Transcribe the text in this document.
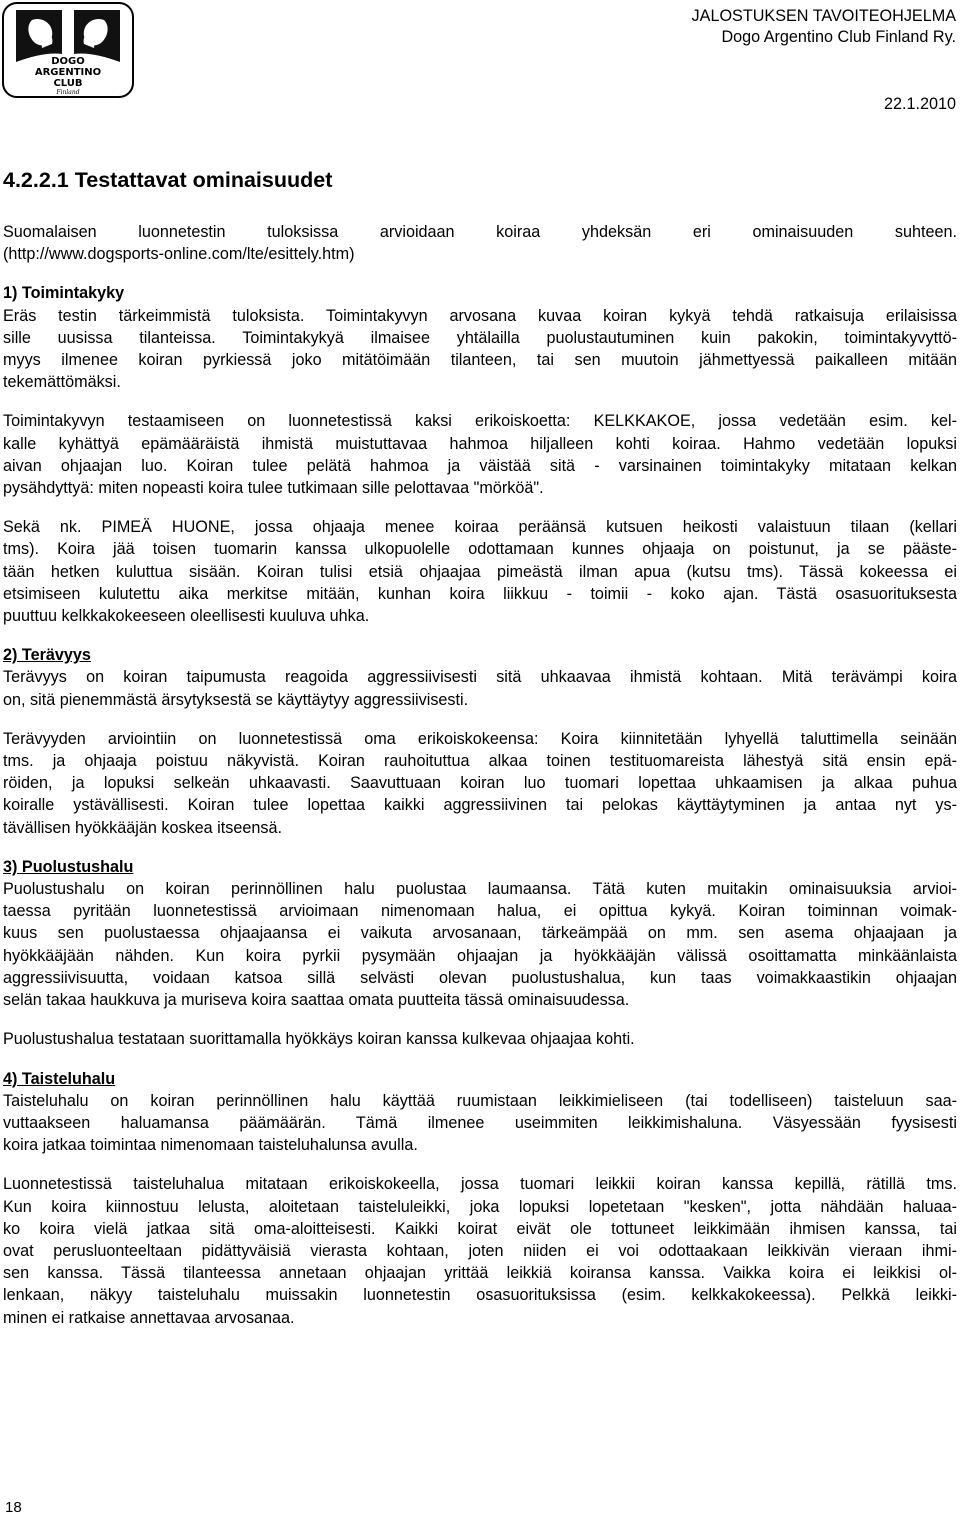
DOGO
ARGENTINO
CLUB
Finland
JALOSTUKSEN TAVOITEOHJELMA
Dogo Argentino Club Finland Ry.
22.1.2010
4.2.2.1 Testattavat ominaisuudet

Suomalaisen luonnetestin tuloksissa arvioidaan koiraa yhdeksän eri ominaisuuden suhteen.

(http://www.dogsports-online.com/lte/esittely.htm)

1) Toimintakyky

Eräs testin tärkeimmistä tuloksista. Toimintakyvyn arvosana kuvaa koiran kykyä tehdä ratkaisuja erilaisissa

sille uusissa tilanteissa. Toimintakykyä ilmaisee yhtälailla puolustautuminen kuin pakokin, toimintakyvyttö-

myys ilmenee koiran pyrkiessä joko mitätöimään tilanteen, tai sen muutoin jähmettyessä paikalleen mitään

tekemättömäksi.

Toimintakyvyn testaamiseen on luonnetestissä kaksi erikoiskoetta: KELKKAKOE, jossa vedetään esim. kel-

kalle kyhättyä epämääräistä ihmistä muistuttavaa hahmoa hiljalleen kohti koiraa. Hahmo vedetään lopuksi

aivan ohjaajan luo. Koiran tulee pelätä hahmoa ja väistää sitä - varsinainen toimintakyky mitataan kelkan

pysähdyttyä: miten nopeasti koira tulee tutkimaan sille pelottavaa "mörköä".

Sekä nk. PIMEÄ HUONE, jossa ohjaaja menee koiraa peräänsä kutsuen heikosti valaistuun tilaan (kellari

tms). Koira jää toisen tuomarin kanssa ulkopuolelle odottamaan kunnes ohjaaja on poistunut, ja se pääste-

tään hetken kuluttua sisään. Koiran tulisi etsiä ohjaajaa pimeästä ilman apua (kutsu tms). Tässä kokeessa ei

etsimiseen kulutettu aika merkitse mitään, kunhan koira liikkuu - toimii - koko ajan. Tästä osasuorituksesta

puuttuu kelkkakokeeseen oleellisesti kuuluva uhka.

2) Terävyys

Terävyys on koiran taipumusta reagoida aggressiivisesti sitä uhkaavaa ihmistä kohtaan. Mitä terävämpi koira

on, sitä pienemmästä ärsytyksestä se käyttäytyy aggressiivisesti.

Terävyyden arviointiin on luonnetestissä oma erikoiskokeensa: Koira kiinnitetään lyhyellä taluttimella seinään

tms. ja ohjaaja poistuu näkyvistä. Koiran rauhoituttua alkaa toinen testituomareista lähestyä sitä ensin epä-

röiden, ja lopuksi selkeän uhkaavasti. Saavuttuaan koiran luo tuomari lopettaa uhkaamisen ja alkaa puhua

koiralle ystävällisesti. Koiran tulee lopettaa kaikki aggressiivinen tai pelokas käyttäytyminen ja antaa nyt ys-

tävällisen hyökkääjän koskea itseensä.

3) Puolustushalu

Puolustushalu on koiran perinnöllinen halu puolustaa laumaansa. Tätä kuten muitakin ominaisuuksia arvioi-

taessa pyritään luonnetestissä arvioimaan nimenomaan halua, ei opittua kykyä. Koiran toiminnan voimak-

kuus sen puolustaessa ohjaajaansa ei vaikuta arvosanaan, tärkeämpää on mm. sen asema ohjaajaan ja

hyökkääjään nähden. Kun koira pyrkii pysymään ohjaajan ja hyökkääjän välissä osoittamatta minkäänlaista

aggressiivisuutta, voidaan katsoa sillä selvästi olevan puolustushalua, kun taas voimakkaastikin ohjaajan

selän takaa haukkuva ja muriseva koira saattaa omata puutteita tässä ominaisuudessa.

Puolustushalua testataan suorittamalla hyökkäys koiran kanssa kulkevaa ohjaajaa kohti.

4) Taisteluhalu

Taisteluhalu on koiran perinnöllinen halu käyttää ruumistaan leikkimieliseen (tai todelliseen) taisteluun saa-

vuttaakseen haluamansa päämäärän. Tämä ilmenee useimmiten leikkimishaluna. Väsyessään fyysisesti

koira jatkaa toimintaa nimenomaan taisteluhalunsa avulla.

Luonnetestissä taisteluhalua mitataan erikoiskokeella, jossa tuomari leikkii koiran kanssa kepillä, rätillä tms.

Kun koira kiinnostuu lelusta, aloitetaan taisteluleikki, joka lopuksi lopetetaan "kesken", jotta nähdään haluaa-

ko koira vielä jatkaa sitä oma-aloitteisesti. Kaikki koirat eivät ole tottuneet leikkimään ihmisen kanssa, tai

ovat perusluonteeltaan pidättyväisiä vierasta kohtaan, joten niiden ei voi odottaakaan leikkivän vieraan ihmi-

sen kanssa. Tässä tilanteessa annetaan ohjaajan yrittää leikkiä koiransa kanssa. Vaikka koira ei leikkisi ol-

lenkaan, näkyy taisteluhalu muissakin luonnetestin osasuorituksissa (esim. kelkkakokeessa). Pelkkä leikki-

minen ei ratkaise annettavaa arvosanaa.

18
